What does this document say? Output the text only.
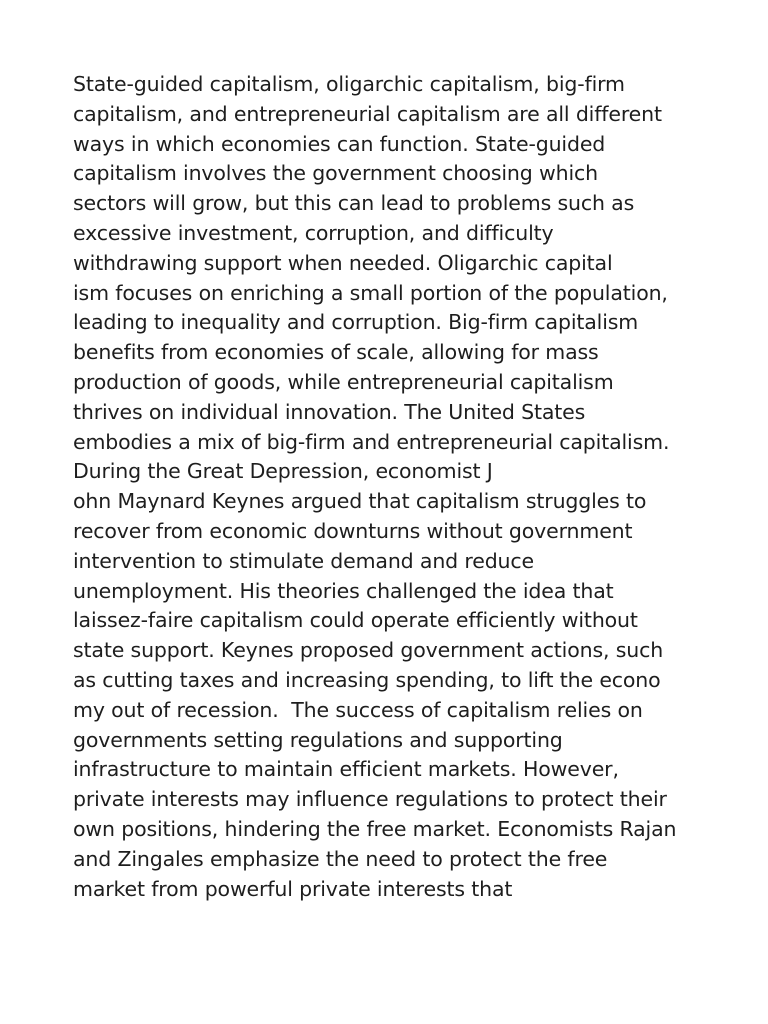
State-guided capitalism, oligarchic capitalism, big-firm
capitalism, and entrepreneurial capitalism are all different
ways in which economies can function. State-guided
capitalism involves the government choosing which
sectors will grow, but this can lead to problems such as
excessive investment, corruption, and difficulty
withdrawing support when needed. Oligarchic capital
ism focuses on enriching a small portion of the population,
leading to inequality and corruption. Big-firm capitalism
benefits from economies of scale, allowing for mass
production of goods, while entrepreneurial capitalism
thrives on individual innovation. The United States
embodies a mix of big-firm and entrepreneurial capitalism.
During the Great Depression, economist J
ohn Maynard Keynes argued that capitalism struggles to
recover from economic downturns without government
intervention to stimulate demand and reduce
unemployment. His theories challenged the idea that
laissez-faire capitalism could operate efficiently without
state support. Keynes proposed government actions, such
as cutting taxes and increasing spending, to lift the econo
my out of recession.  The success of capitalism relies on
governments setting regulations and supporting
infrastructure to maintain efficient markets. However,
private interests may influence regulations to protect their
own positions, hindering the free market. Economists Rajan
and Zingales emphasize the need to protect the free
market from powerful private interests that
